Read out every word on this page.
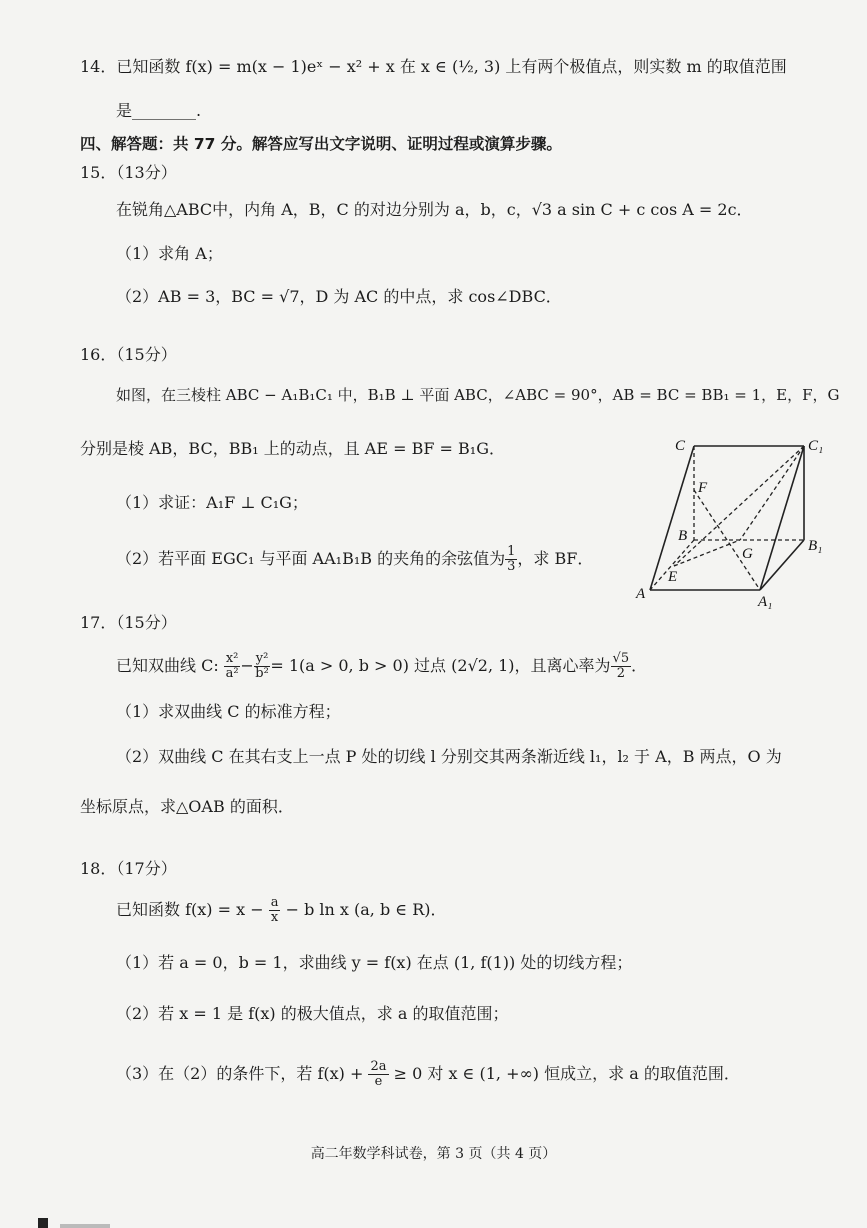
14．已知函数 f(x) = m(x − 1)eˣ − x² + x 在 x ∈ (½, 3) 上有两个极值点，则实数 m 的取值范围
是________.
四、解答题：共 77 分。解答应写出文字说明、证明过程或演算步骤。
15．（13分）
在锐角△ABC中，内角 A，B，C 的对边分别为 a，b，c，√3 a sin C + c cos A = 2c．
（1）求角 A；
（2）AB = 3，BC = √7，D 为 AC 的中点，求 cos∠DBC．
16．（15分）
如图，在三棱柱 ABC − A₁B₁C₁ 中，B₁B ⊥ 平面 ABC，∠ABC = 90°，AB = BC = BB₁ = 1，E，F，G
分别是棱 AB，BC，BB₁ 上的动点，且 AE = BF = B₁G．
（1）求证：A₁F ⊥ C₁G；
（2）若平面 EGC₁ 与平面 AA₁B₁B 的夹角的余弦值为 $\frac{1}{3}$ ，求 BF．
C	C₁
F
B
G	B₁
E
A	A₁
17．（15分）
已知双曲线 C: $\frac{\text{x²}}{\text{a²}} - \frac{\text{y²}}{\text{b²}} = 1(a > 0$, b > 0) 过点 (2√2, 1)，且离心率为 $\frac{√5}{2}$ ．
（1）求双曲线 C 的标准方程；
（2）双曲线 C 在其右支上一点 P 处的切线 l 分别交其两条渐近线 l₁，l₂ 于 A，B 两点，O 为
坐标原点，求△OAB 的面积．
18．（17分）
已知函数 $f(x) = x - \frac{a}{x} - b$ ln x (a, b ∈ R)．
（1）若 a = 0，b = 1，求曲线 y = f(x) 在点 (1, f(1)) 处的切线方程；
（2）若 x = 1 是 f(x) 的极大值点，求 a 的取值范围；
（3）在（2）的条件下，若 $f(x) + \frac{2a}{e} \ge 0$ 对 x ∈ (1, +∞) 恒成立，求 a 的取值范围．
高二年数学科试卷，第 3 页（共 4 页）
